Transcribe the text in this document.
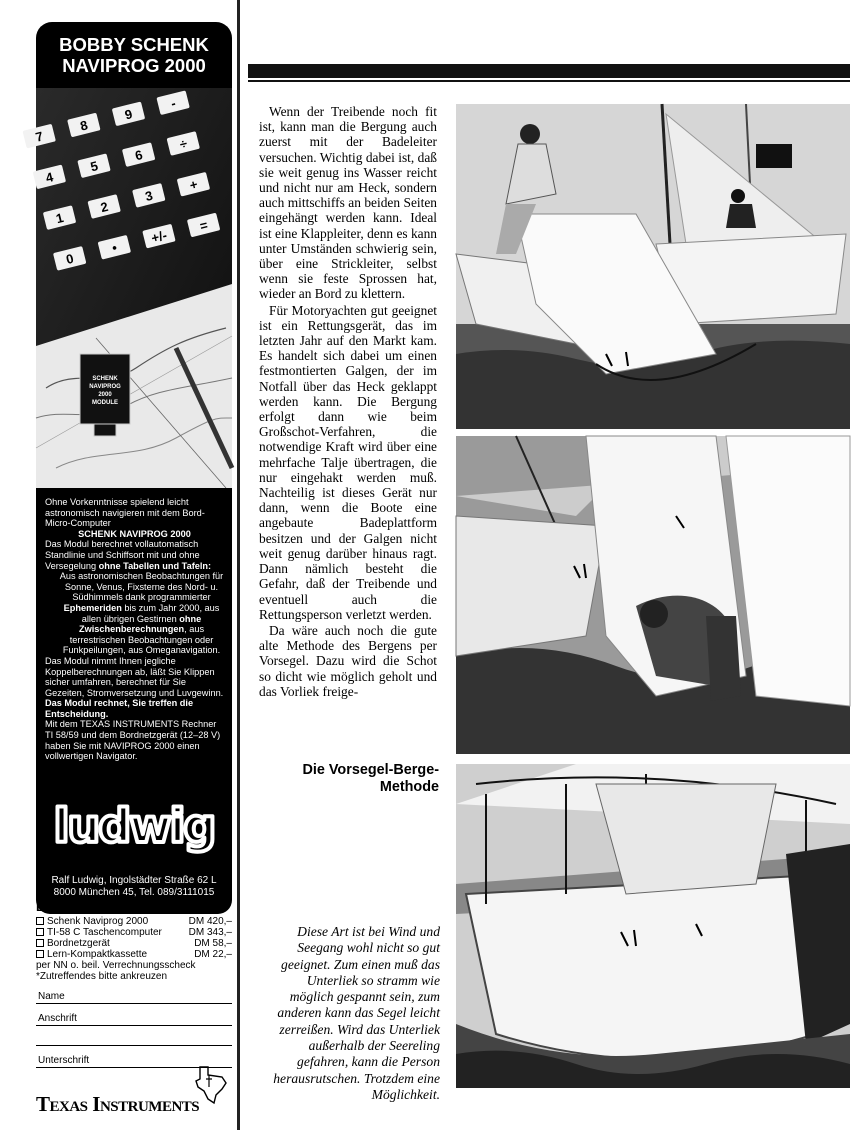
BOBBY SCHENK
NAVIPROG 2000
7
8
9
-
4
5
6
÷
1
2
3
+
0
•
+/-
=
SCHENK
NAVIPROG
2000
MODULE

Ohne Vorkenntnisse spielend leicht astronomisch navigieren mit dem Bord-Micro-Computer

SCHENK NAVIPROG 2000

Das Modul berechnet vollautomatisch Standlinie und Schiffsort mit und ohne Versegelung ohne Tabellen und Tafeln:

Aus astronomischen Beobachtungen für Sonne, Venus, Fixsterne des Nord- u. Südhimmels dank programmierter Ephemeriden bis zum Jahr 2000, aus allen übrigen Gestirnen ohne Zwischenberechnungen, aus terrestrischen Beobachtungen oder Funkpeilungen, aus Omeganavigation.

Das Modul nimmt Ihnen jegliche Koppelberechnungen ab, läßt Sie Klippen sicher umfahren, berechnet für Sie Gezeiten, Stromversetzung und Luvgewinn.

Das Modul rechnet, Sie treffen die Entscheidung.

Mit dem TEXAS INSTRUMENTS Rechner TI 58/59 und dem Bordnetzgerät (12–28 V) haben Sie mit NAVIPROG 2000 einen vollwertigen Navigator.

ludwig
Ralf Ludwig, Ingolstädter Straße 62 L
8000 München 45, Tel. 089/3111015
Bestellcoupon*
Schenk Naviprog 2000	DM 420,–
TI-58 C Taschencomputer	DM 343,–
Bordnetzgerät	DM 58,–
Lern-Kompaktkassette	DM 22,–
per NN o. beil. Verrechnungsscheck
*Zutreffendes bitte ankreuzen
Name
Anschrift
Unterschrift
Texas Instruments

Wenn der Treibende noch fit ist, kann man die Bergung auch zuerst mit der Badeleiter versuchen. Wichtig dabei ist, daß sie weit genug ins Wasser reicht und nicht nur am Heck, sondern auch mittschiffs an beiden Seiten eingehängt werden kann. Ideal ist eine Klappleiter, denn es kann unter Umständen schwierig sein, über eine Strickleiter, selbst wenn sie feste Sprossen hat, wieder an Bord zu klettern.

Für Motoryachten gut geeignet ist ein Rettungsgerät, das im letzten Jahr auf den Markt kam. Es handelt sich dabei um einen festmontierten Galgen, der im Notfall über das Heck geklappt werden kann. Die Bergung erfolgt dann wie beim Großschot-Verfahren, die notwendige Kraft wird über eine mehrfache Talje übertragen, die nur eingehakt werden muß. Nachteilig ist dieses Gerät nur dann, wenn die Boote eine angebaute Badeplattform besitzen und der Galgen nicht weit genug darüber hinaus ragt. Dann nämlich besteht die Gefahr, daß der Treibende und eventuell auch die Rettungsperson verletzt werden.

Da wäre auch noch die gute alte Methode des Bergens per Vorsegel. Dazu wird die Schot so dicht wie möglich geholt und das Vorliek freige-

Die Vorsegel-Berge-
Methode
Diese Art ist bei Wind und Seegang wohl nicht so gut geeignet. Zum einen muß das Unterliek so stramm wie möglich gespannt sein, zum anderen kann das Segel leicht zerreißen. Wird das Unterliek außerhalb der Seereling gefahren, kann die Person herausrutschen. Trotzdem eine Möglichkeit.
